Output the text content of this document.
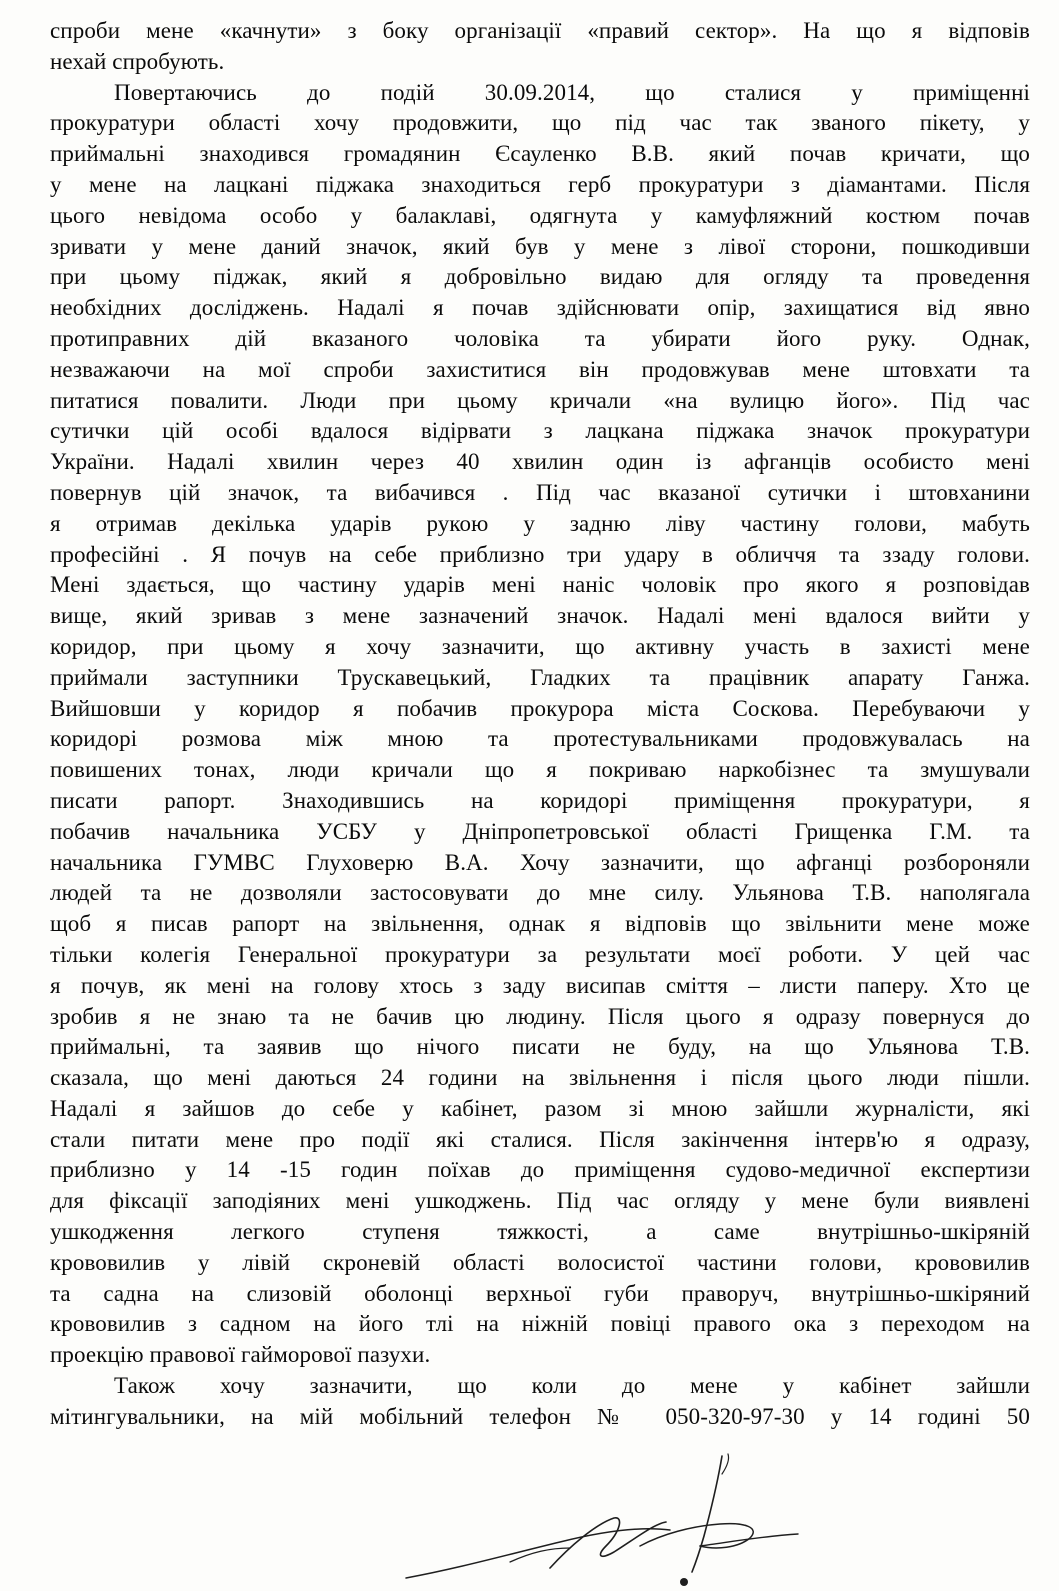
спроби мене «качнути» з боку організації «правий сектор». На що я відповів
нехай спробують.
Повертаючись до подій 30.09.2014, що сталися у приміщенні
прокуратури області хочу продовжити, що під час так званого пікету, у
приймальні знаходився громадянин Єсауленко В.В. який почав кричати, що
у мене на лацкані піджака знаходиться герб прокуратури з діамантами. Після
цього невідома особо у балаклаві, одягнута у камуфляжний костюм почав
зривати у мене даний значок, який був у мене з лівої сторони, пошкодивши
при цьому піджак, який я добровільно видаю для огляду та проведення
необхідних досліджень. Надалі я почав здійснювати опір, захищатися від явно
протиправних дій вказаного чоловіка та убирати його руку. Однак,
незважаючи на мої спроби захиститися він продовжував мене штовхати та
питатися повалити. Люди при цьому кричали «на вулицю його». Під час
сутички цій особі вдалося відірвати з лацкана піджака значок прокуратури
України. Надалі хвилин через 40 хвилин один із афганців особисто мені
повернув цій значок, та вибачився . Під час вказаної сутички і штовханини
я отримав декілька ударів рукою у задню ліву частину голови, мабуть
професійні . Я почув на себе приблизно три удару в обличчя та ззаду голови.
Мені здається, що частину ударів мені наніс чоловік про якого я розповідав
вище, який зривав з мене зазначений значок. Надалі мені вдалося вийти у
коридор, при цьому я хочу зазначити, що активну участь в захисті мене
приймали заступники Трускавецький, Гладких та працівник апарату Ганжа.
Вийшовши у коридор я побачив прокурора міста Соскова. Перебуваючи у
коридорі розмова між мною та протестувальниками продовжувалась на
повишених тонах, люди кричали що я покриваю наркобізнес та змушували
писати рапорт. Знаходившись на коридорі приміщення прокуратури, я
побачив начальника УСБУ у Дніпропетровської області Грищенка Г.М. та
начальника ГУМВС Глуховерю В.А. Хочу зазначити, що афганці розбороняли
людей та не дозволяли застосовувати до мне силу. Ульянова Т.В. наполягала
щоб я писав рапорт на звільнення, однак я відповів що звільнити мене може
тільки колегія Генеральної прокуратури за результати моєї роботи. У цей час
я почув, як мені на голову хтось з заду висипав сміття – листи паперу. Хто це
зробив я не знаю та не бачив цю людину. Після цього я одразу повернуся до
приймальні, та заявив що нічого писати не буду, на що Ульянова Т.В.
сказала, що мені даються 24 години на звільнення і після цього люди пішли.
Надалі я зайшов до себе у кабінет, разом зі мною зайшли журналісти, які
стали питати мене про події які сталися. Після закінчення інтерв'ю я одразу,
приблизно у 14 -15 годин поїхав до приміщення судово-медичної експертизи
для фіксації заподіяних мені ушкоджень. Під час огляду у мене були виявлені
ушкодження легкого ступеня тяжкості, а саме внутрішньо-шкіряній
крововилив у лівій скроневій області волосистої частини голови, крововилив
та садна на слизовій оболонці верхньої губи праворуч, внутрішньо-шкіряний
крововилив з садном на його тлі на ніжній повіці правого ока з переходом на
проекцію правової гайморової пазухи.
Також хочу зазначити, що коли до мене у кабінет зайшли
мітингувальники, на мій мобільний телефон № 050-320-97-30 у 14 годині 50
